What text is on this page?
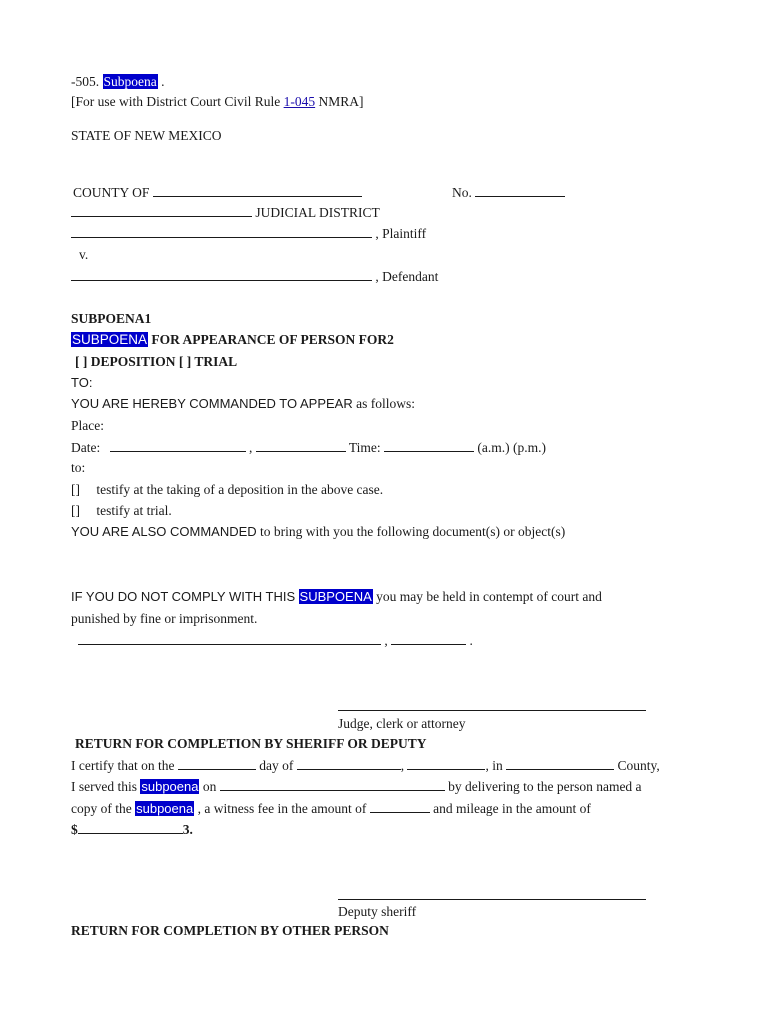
-505. Subpoena .
[For use with District Court Civil Rule 1-045 NMRA]
STATE OF NEW MEXICO
COUNTY OF	No.
JUDICIAL DISTRICT
, Plaintiff
v.
, Defendant
SUBPOENA1
SUBPOENA FOR APPEARANCE OF PERSON FOR2
[ ] DEPOSITION [ ] TRIAL
TO:
YOU ARE HEREBY COMMANDED TO APPEAR as follows:
Place:
Date:	,	Time:	(a.m.) (p.m.)
to:
[] testify at the taking of a deposition in the above case.
[] testify at trial.
YOU ARE ALSO COMMANDED to bring with you the following document(s) or object(s)
IF YOU DO NOT COMPLY WITH THIS SUBPOENA you may be held in contempt of court and
punished by fine or imprisonment.
,	.
Judge, clerk or attorney
RETURN FOR COMPLETION BY SHERIFF OR DEPUTY
I certify that on the	day of	,	, in	County,
I served this subpoena on	by delivering to the person named a
copy of the subpoena , a witness fee in the amount of	and mileage in the amount of
$	3.
Deputy sheriff
RETURN FOR COMPLETION BY OTHER PERSON
